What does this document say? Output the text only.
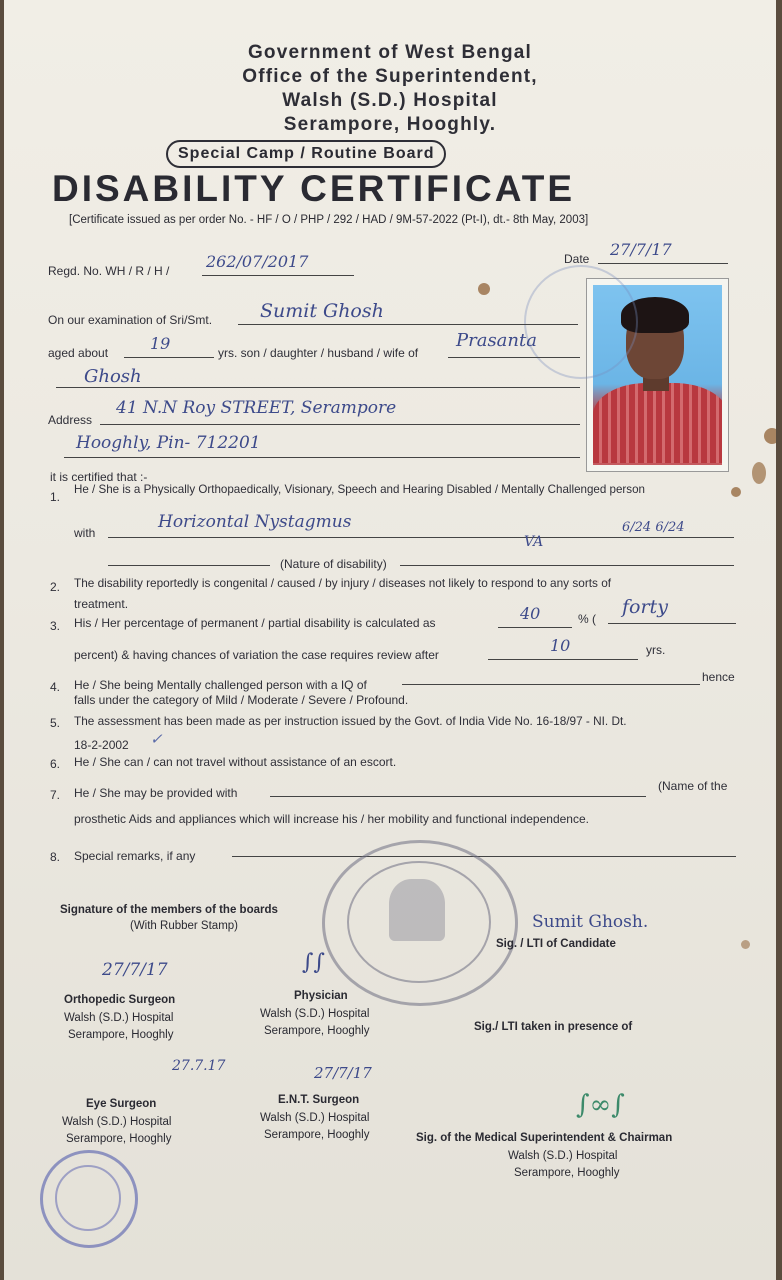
Government of West Bengal
Office of the Superintendent,
Walsh (S.D.) Hospital
Serampore, Hooghly.
Special Camp / Routine Board
DISABILITY CERTIFICATE
[Certificate issued as per order No. - HF / O / PHP / 292 / HAD / 9M-57-2022 (Pt-I), dt.- 8th May, 2003]
Regd. No. WH / R / H / 262/07/2017	Date 27/7/17
On our examination of Sri/Smt.	Sumit Ghosh
aged about	19	yrs. son / daughter / husband / wife of
Prasanta
Ghosh
Address
41 N.N Roy STREET, Serampore
Hooghly, Pin- 712201
it is certified that :-
1.
He / She is a Physically Orthopaedically, Visionary, Speech and Hearing Disabled / Mentally Challenged person
with
Horizontal Nystagmus
(Nature of disability)
VA
6/24 6/24
2. The disability reportedly is congenital / caused / by injury / diseases not likely to respond to any sorts of
treatment.
3. His / Her percentage of permanent / partial disability is calculated as	40	% (
forty
percent) & having chances of variation the case requires review after	10	yrs.
4. He / She being Mentally challenged person with a IQ of
hence
falls under the category of Mild / Moderate / Severe / Profound.
5. The assessment has been made as per instruction issued by the Govt. of India Vide No. 16-18/97 - NI. Dt.
18-2-2002 ✓
6. He / She can / can not travel without assistance of an escort.
7. He / She may be provided with	(Name of the
prosthetic Aids and appliances which will increase his / her mobility and functional independence.
8. Special remarks, if any
Signature of the members of the boards
(With Rubber Stamp)	Sumit Ghosh.
Sig. / LTI of Candidate
27/7/17
Orthopedic Surgeon
Walsh (S.D.) Hospital
Serampore, Hooghly
∫∫
Physician
Walsh (S.D.) Hospital
Serampore, Hooghly	Sig./ LTI taken in presence of
27.7.17
Eye Surgeon
Walsh (S.D.) Hospital
Serampore, Hooghly
27/7/17
E.N.T. Surgeon
Walsh (S.D.) Hospital
Serampore, Hooghly
∫∞∫
Sig. of the Medical Superintendent & Chairman
Walsh (S.D.) Hospital
Serampore, Hooghly
